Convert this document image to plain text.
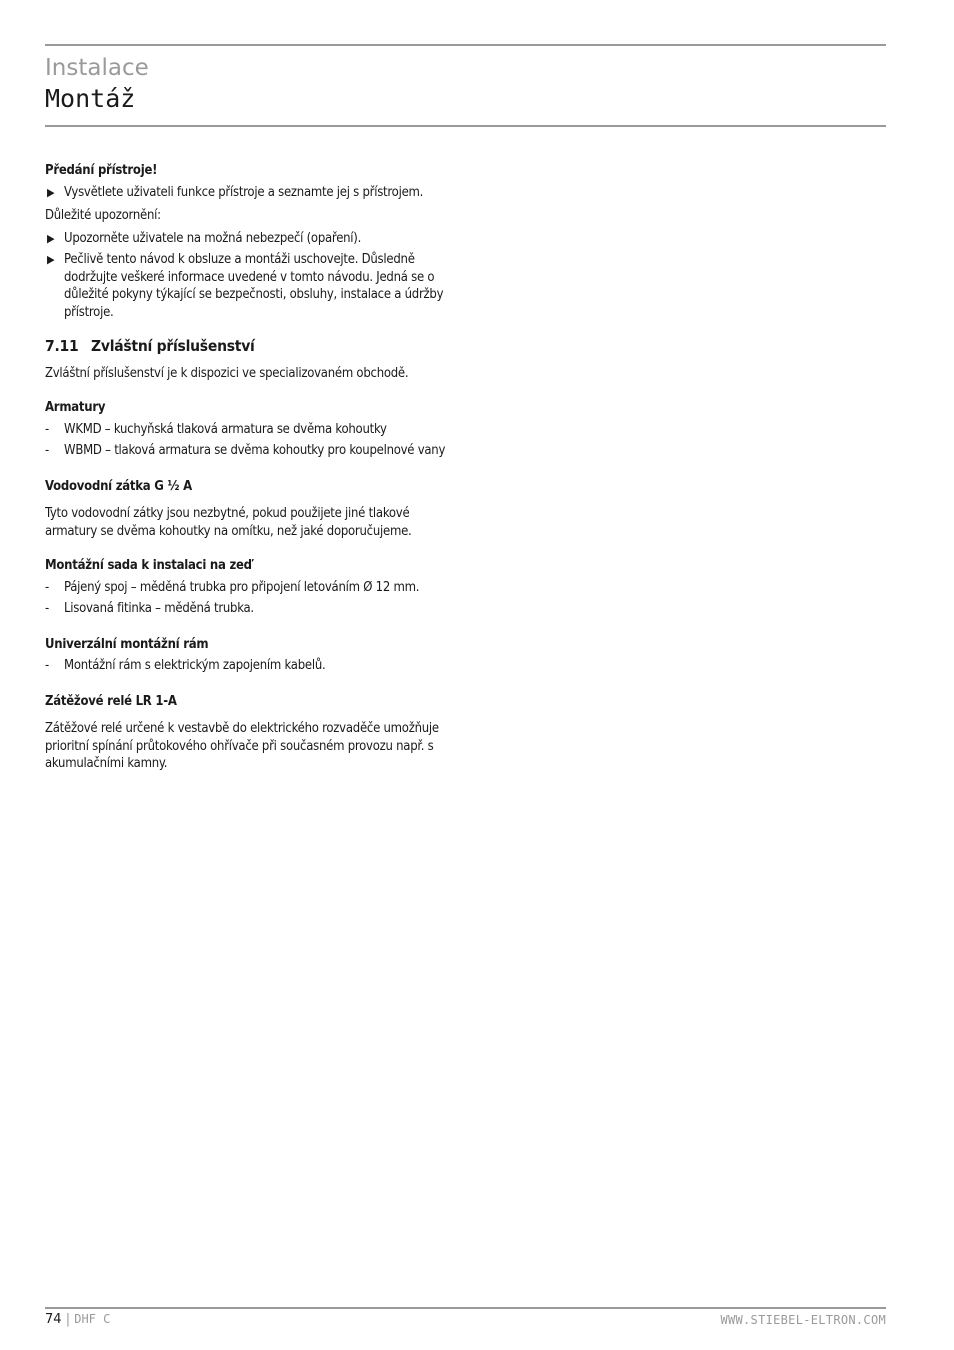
Instalace
Montáž
Předání přístroje!
▶ Vysvětlete uživateli funkce přístroje a seznamte jej s přístrojem.

Důležité upozornění:

▶ Upozorněte uživatele na možná nebezpečí (opaření).
▶ Pečlivě tento návod k obsluze a montáži uschovejte. Důsledně dodržujte veškeré informace uvedené v tomto návodu. Jedná se o důležité pokyny týkající se bezpečnosti, obsluhy, instalace a údržby přístroje.
7.11 Zvláštní příslušenství

Zvláštní příslušenství je k dispozici ve specializovaném obchodě.

Armatury
- WKMD – kuchyňská tlaková armatura se dvěma kohoutky
- WBMD – tlaková armatura se dvěma kohoutky pro koupelnové vany
Vodovodní zátka G ½ A

Tyto vodovodní zátky jsou nezbytné, pokud použijete jiné tlakové armatury se dvěma kohoutky na omítku, než jaké doporučujeme.

Montážní sada k instalaci na zeď
- Pájený spoj – měděná trubka pro připojení letováním Ø 12 mm.
- Lisovaná fitinka – měděná trubka.
Univerzální montážní rám
- Montážní rám s elektrickým zapojením kabelů.
Zátěžové relé LR 1-A

Zátěžové relé určené k vestavbě do elektrického rozvaděče umožňuje prioritní spínání průtokového ohřívače při současném provozu např. s akumulačními kamny.

74 | DHF C	WWW.STIEBEL-ELTRON.COM
